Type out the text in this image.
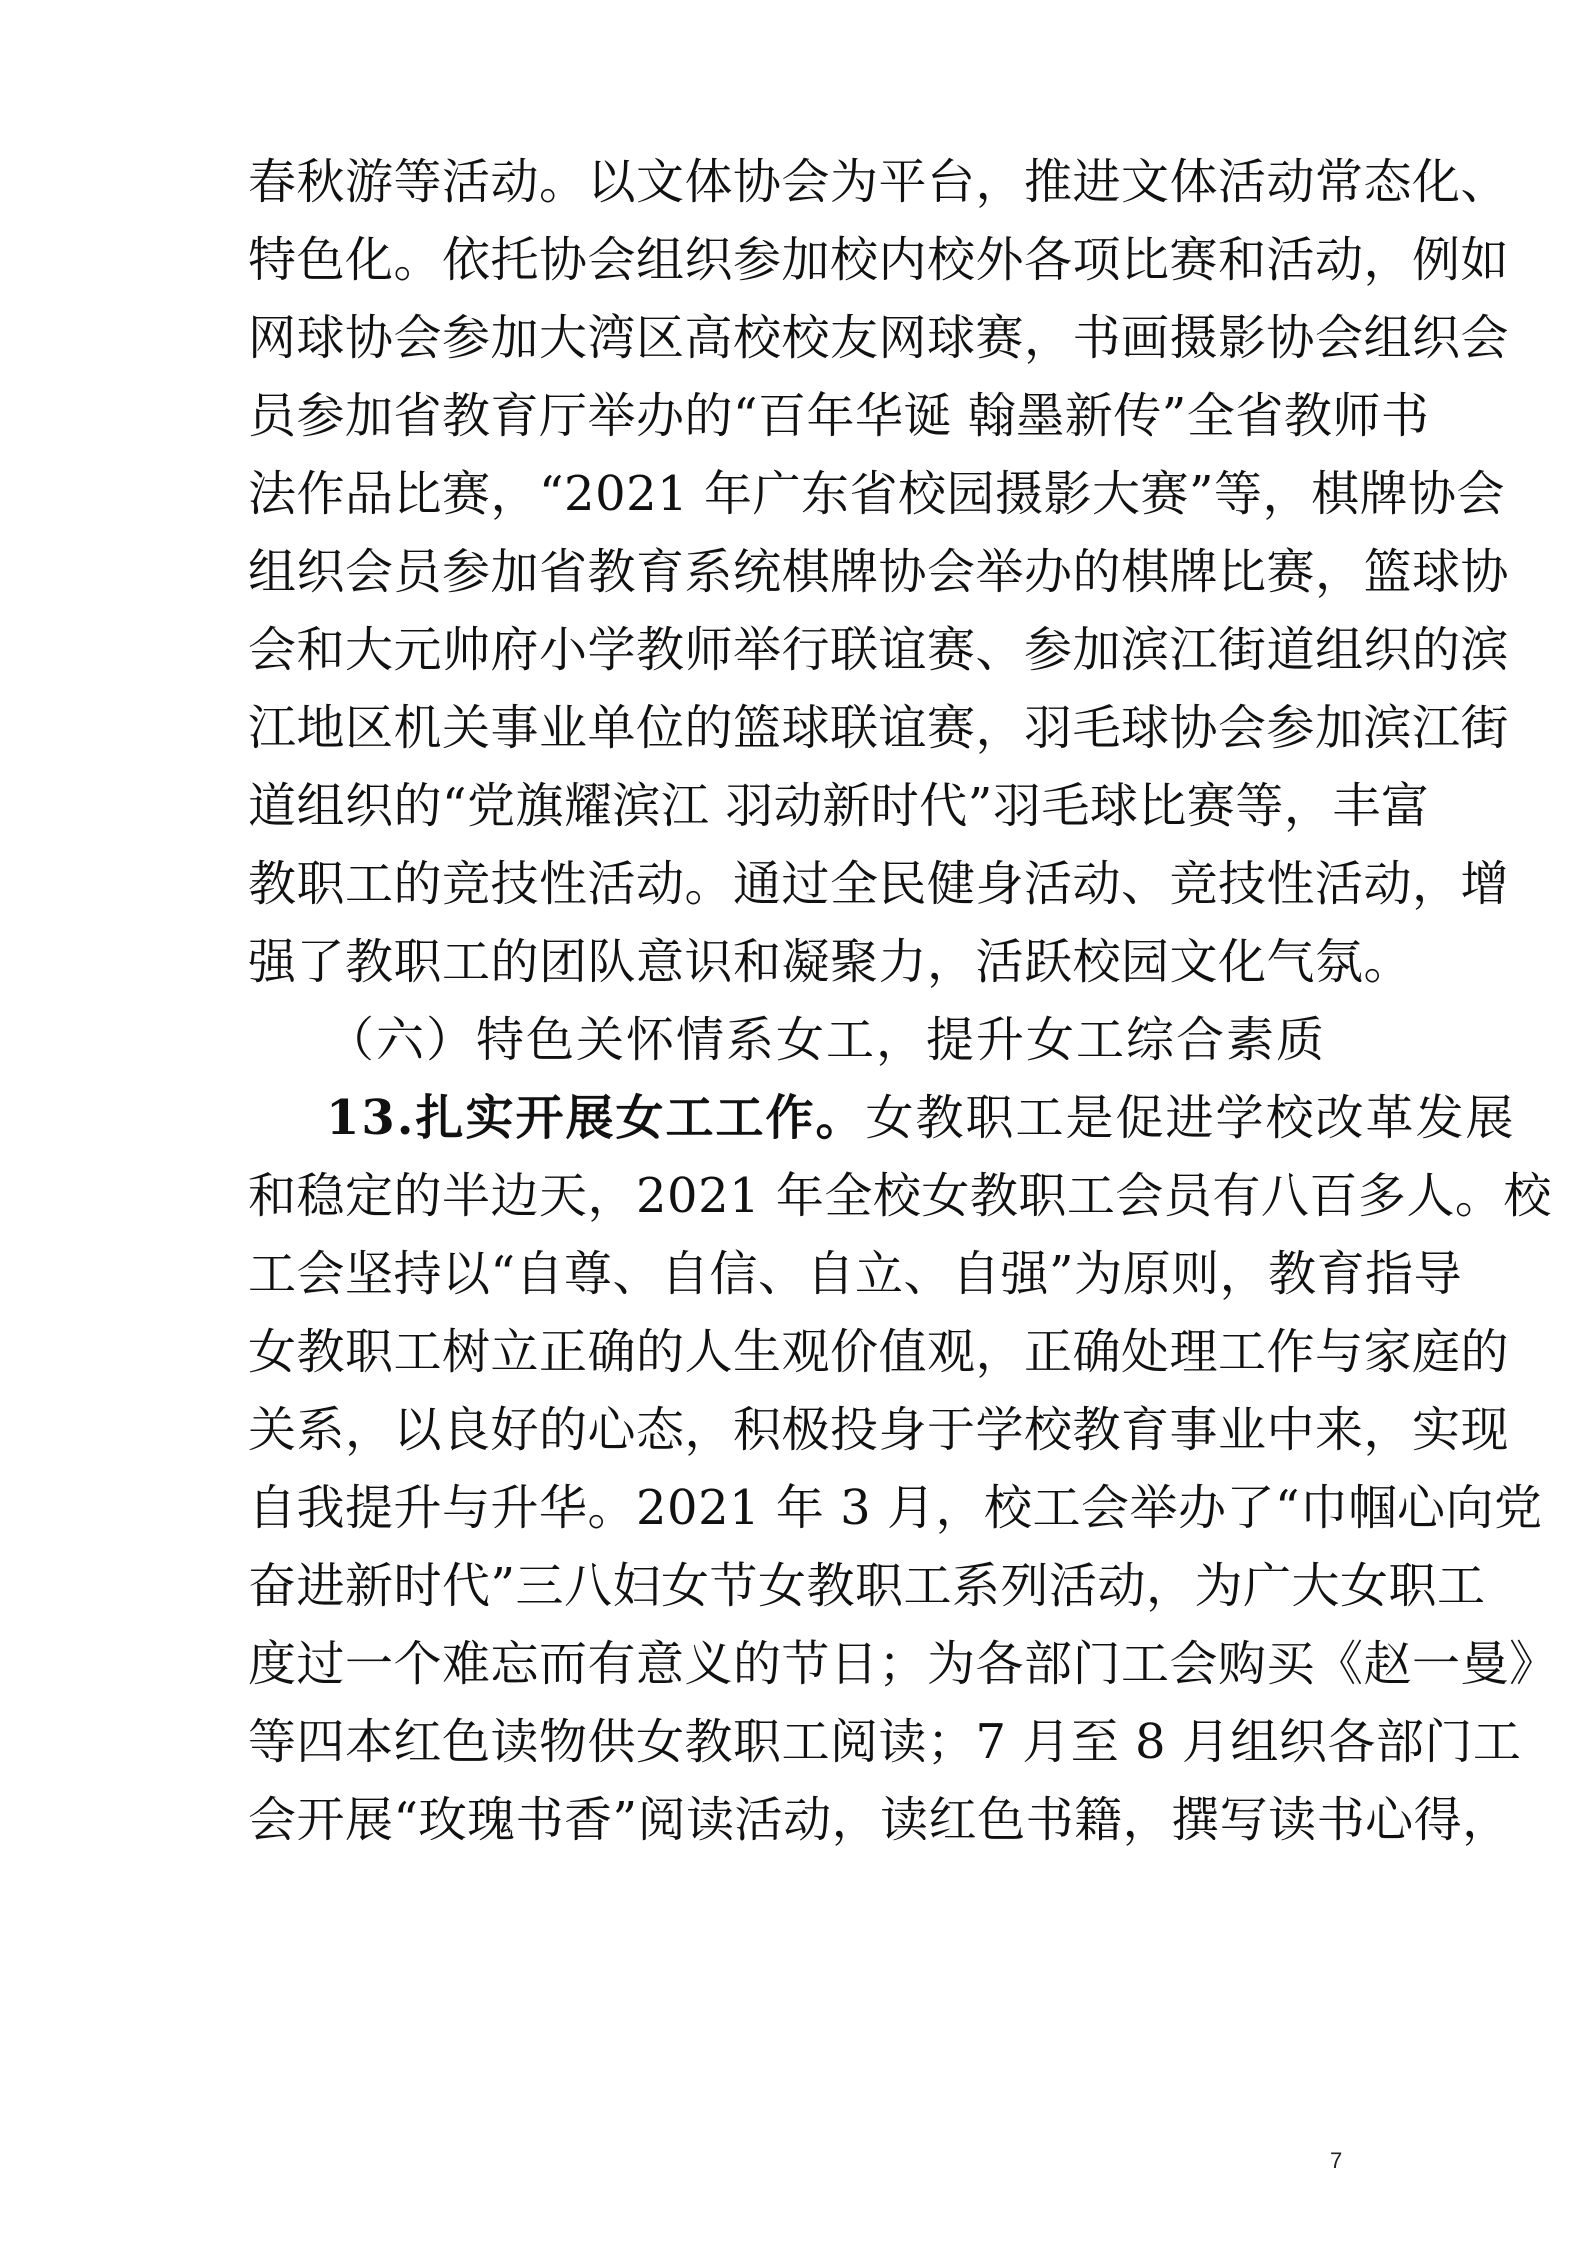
春秋游等活动。以文体协会为平台，推进文体活动常态化、
特色化。依托协会组织参加校内校外各项比赛和活动，例如
网球协会参加大湾区高校校友网球赛，书画摄影协会组织会
员参加省教育厅举办的“百年华诞 翰墨新传”全省教师书
法作品比赛，“2021 年广东省校园摄影大赛”等，棋牌协会
组织会员参加省教育系统棋牌协会举办的棋牌比赛，篮球协
会和大元帅府小学教师举行联谊赛、参加滨江街道组织的滨
江地区机关事业单位的篮球联谊赛，羽毛球协会参加滨江街
道组织的“党旗耀滨江 羽动新时代”羽毛球比赛等，丰富
教职工的竞技性活动。通过全民健身活动、竞技性活动，增
强了教职工的团队意识和凝聚力，活跃校园文化气氛。
（六）特色关怀情系女工，提升女工综合素质
13.扎实开展女工工作。女教职工是促进学校改革发展
和稳定的半边天，2021 年全校女教职工会员有八百多人。校
工会坚持以“自尊、自信、自立、自强”为原则，教育指导
女教职工树立正确的人生观价值观，正确处理工作与家庭的
关系，以良好的心态，积极投身于学校教育事业中来，实现
自我提升与升华。2021 年 3 月，校工会举办了“巾帼心向党
奋进新时代”三八妇女节女教职工系列活动，为广大女职工
度过一个难忘而有意义的节日；为各部门工会购买《赵一曼》
等四本红色读物供女教职工阅读；7 月至 8 月组织各部门工
会开展“玫瑰书香”阅读活动，读红色书籍，撰写读书心得，
7
